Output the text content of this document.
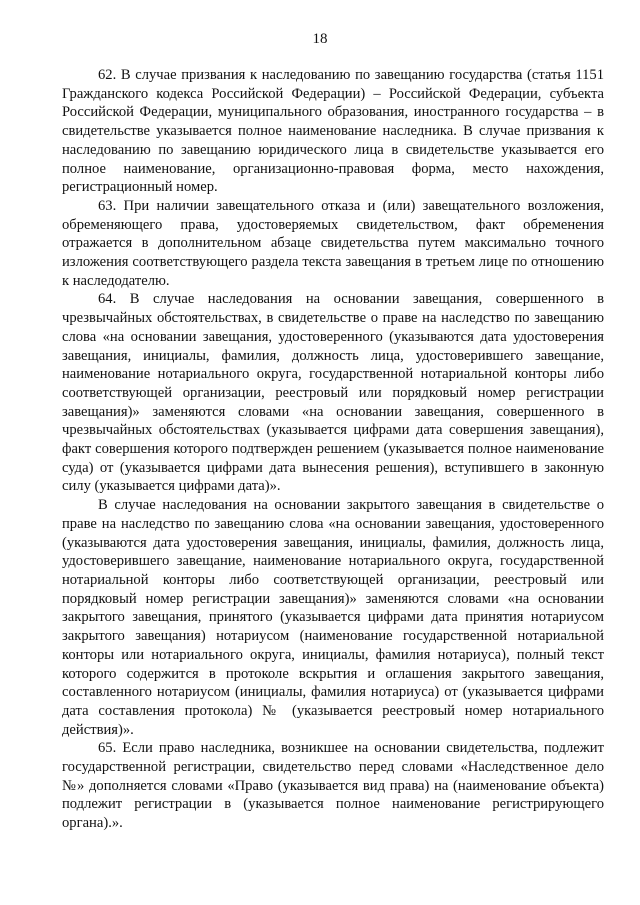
18

62. В случае призвания к наследованию по завещанию государства (статья 1151 Гражданского кодекса Российской Федерации) – Российской Федерации, субъекта Российской Федерации, муниципального образования, иностранного государства – в свидетельстве указывается полное наименование наследника. В случае призвания к наследованию по завещанию юридического лица в свидетельстве указывается его полное наименование, организационно-правовая форма, место нахождения, регистрационный номер.

63. При наличии завещательного отказа и (или) завещательного возложения, обременяющего права, удостоверяемых свидетельством, факт обременения отражается в дополнительном абзаце свидетельства путем максимально точного изложения соответствующего раздела текста завещания в третьем лице по отношению к наследодателю.

64. В случае наследования на основании завещания, совершенного в чрезвычайных обстоятельствах, в свидетельстве о праве на наследство по завещанию слова «на основании завещания, удостоверенного (указываются дата удостоверения завещания, инициалы, фамилия, должность лица, удостоверившего завещание, наименование нотариального округа, государственной нотариальной конторы либо соответствующей организации, реестровый или порядковый номер регистрации завещания)» заменяются словами «на основании завещания, совершенного в чрезвычайных обстоятельствах (указывается цифрами дата совершения завещания), факт совершения которого подтвержден решением (указывается полное наименование суда) от (указывается цифрами дата вынесения решения), вступившего в законную силу (указывается цифрами дата)».

В случае наследования на основании закрытого завещания в свидетельстве о праве на наследство по завещанию слова «на основании завещания, удостоверенного (указываются дата удостоверения завещания, инициалы, фамилия, должность лица, удостоверившего завещание, наименование нотариального округа, государственной нотариальной конторы либо соответствующей организации, реестровый или порядковый номер регистрации завещания)» заменяются словами «на основании закрытого завещания, принятого (указывается цифрами дата принятия нотариусом закрытого завещания) нотариусом (наименование государственной нотариальной конторы или нотариального округа, инициалы, фамилия нотариуса), полный текст которого содержится в протоколе вскрытия и оглашения закрытого завещания, составленного нотариусом (инициалы, фамилия нотариуса) от (указывается цифрами дата составления протокола) № (указывается реестровый номер нотариального действия)».

65. Если право наследника, возникшее на основании свидетельства, подлежит государственной регистрации, свидетельство перед словами «Наследственное дело №» дополняется словами «Право (указывается вид права) на (наименование объекта) подлежит регистрации в (указывается полное наименование регистрирующего органа).».
